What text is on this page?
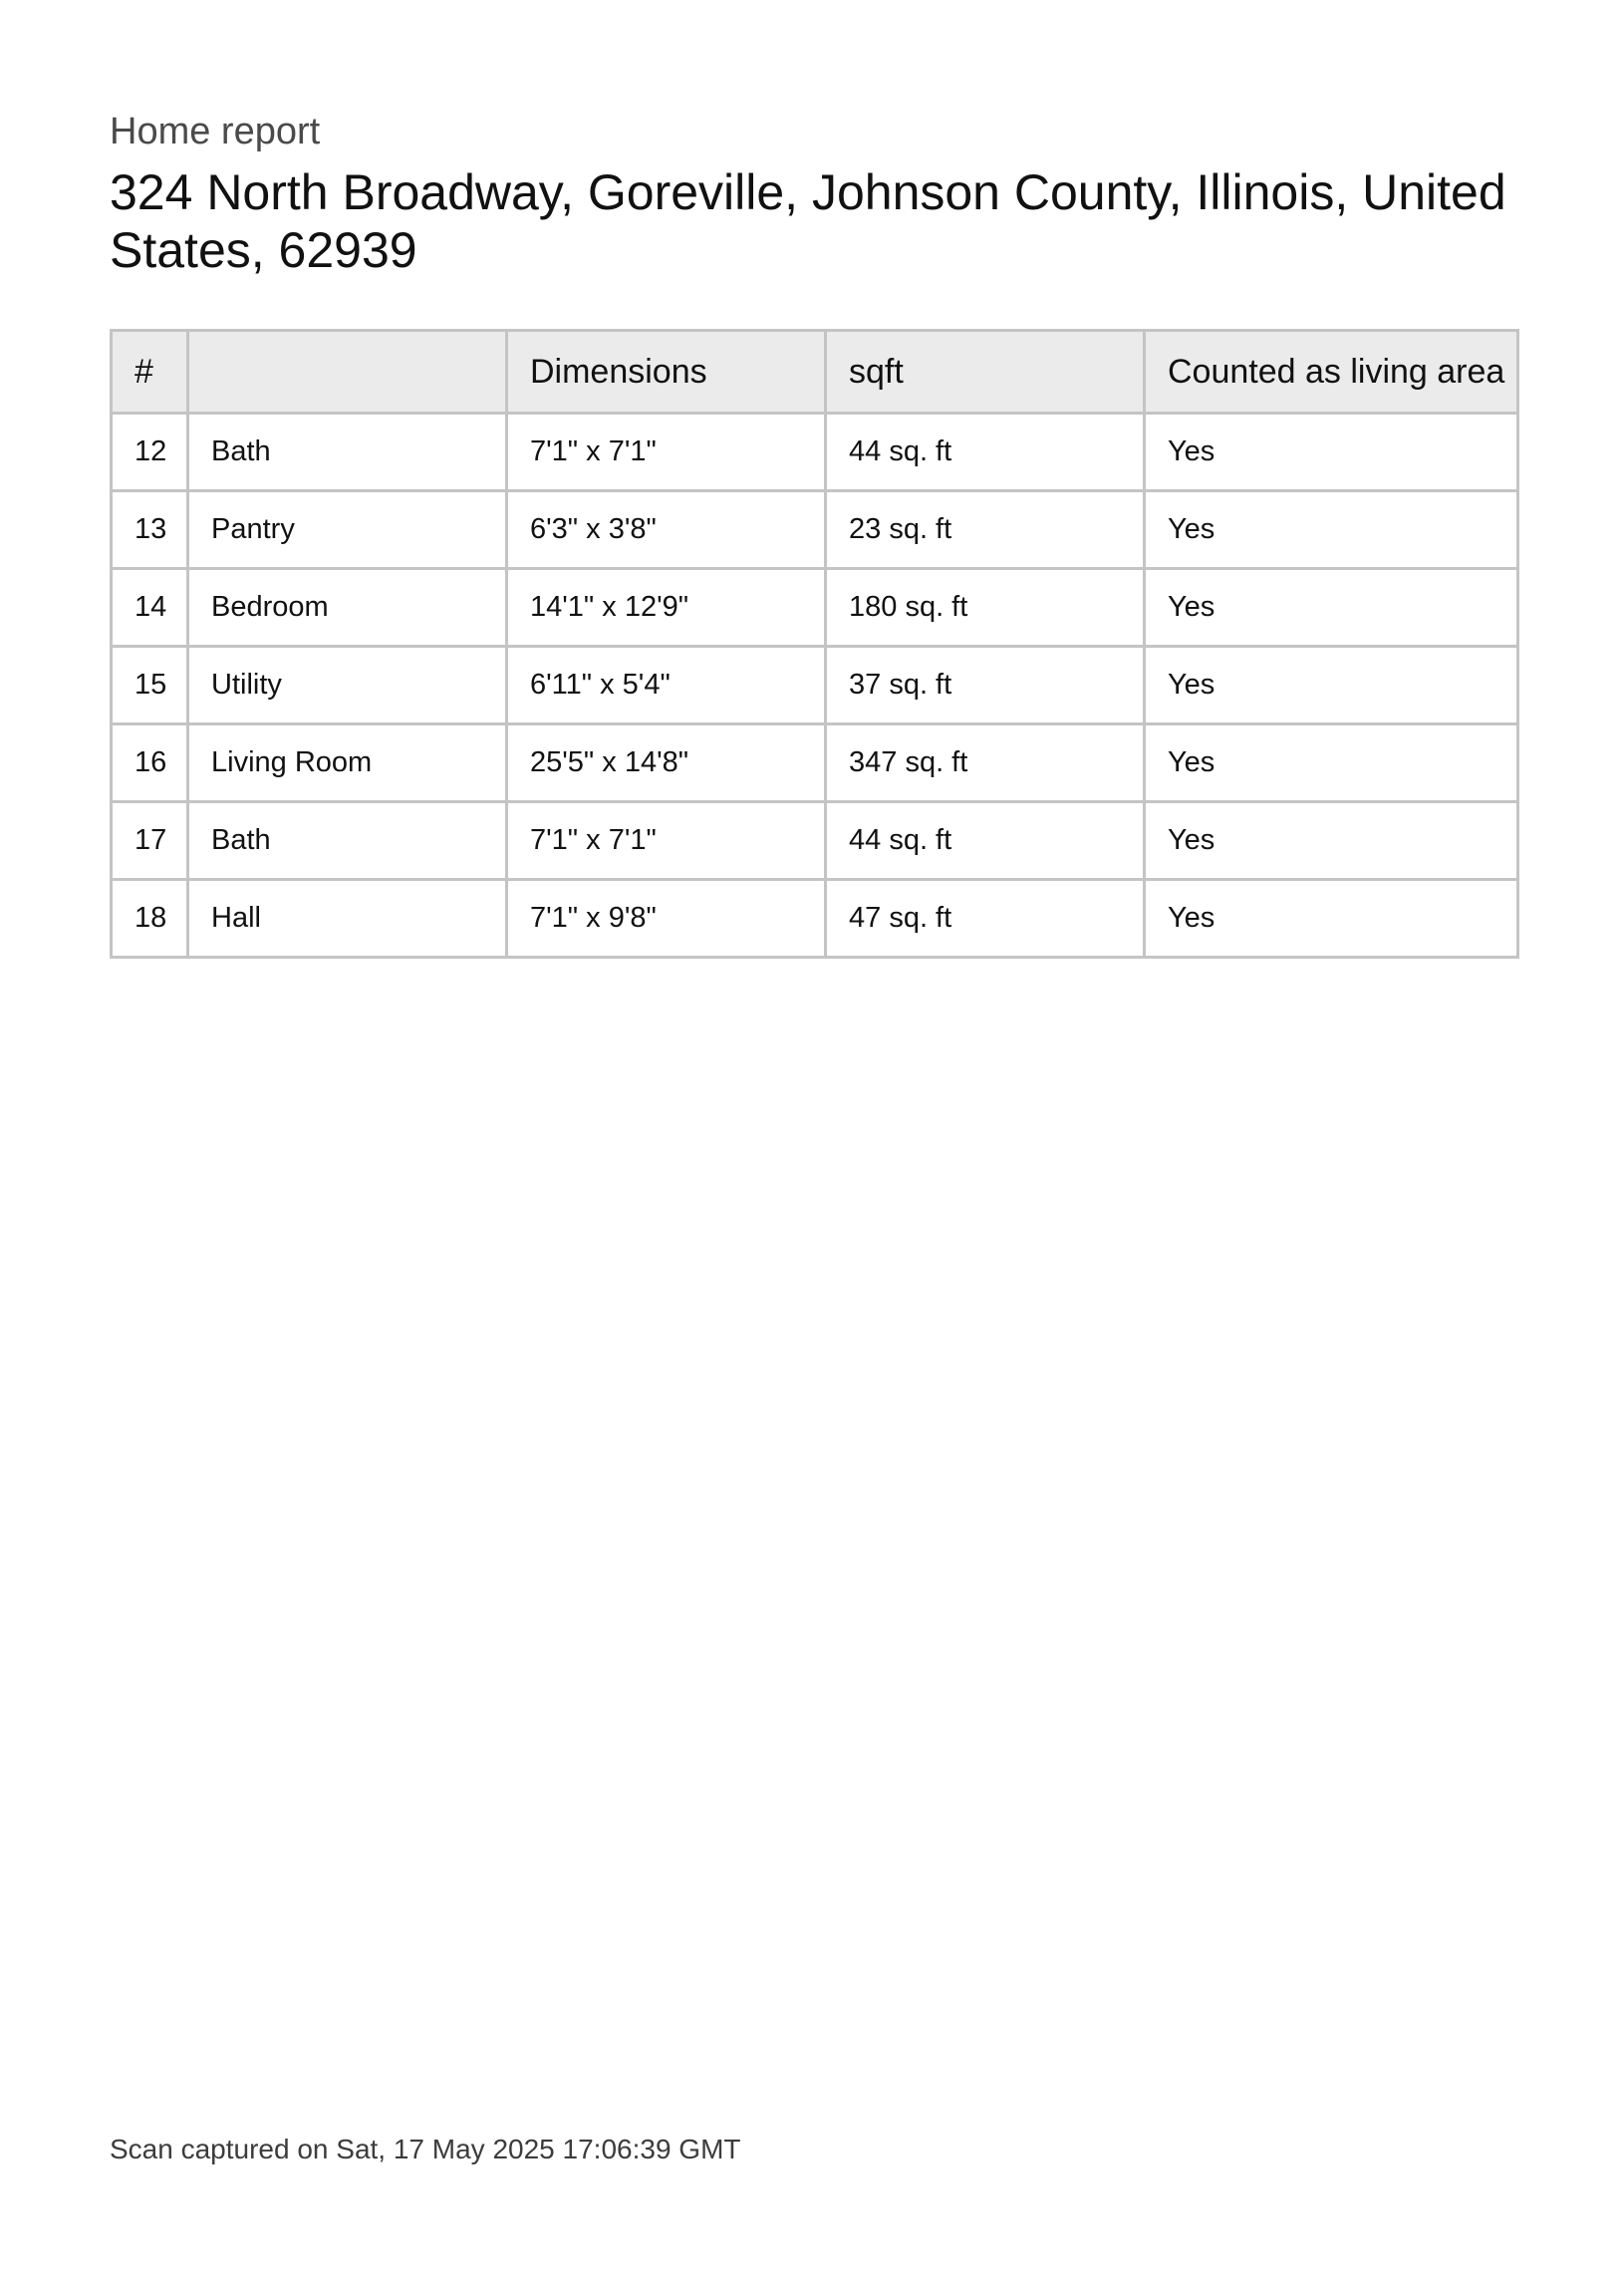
Home report
324 North Broadway, Goreville, Johnson County, Illinois, United States, 62939
#		Dimensions	sqft	Counted as living area
12	Bath	7'1" x 7'1"	44 sq. ft	Yes
13	Pantry	6'3" x 3'8"	23 sq. ft	Yes
14	Bedroom	14'1" x 12'9"	180 sq. ft	Yes
15	Utility	6'11" x 5'4"	37 sq. ft	Yes
16	Living Room	25'5" x 14'8"	347 sq. ft	Yes
17	Bath	7'1" x 7'1"	44 sq. ft	Yes
18	Hall	7'1" x 9'8"	47 sq. ft	Yes
Scan captured on Sat, 17 May 2025 17:06:39 GMT
